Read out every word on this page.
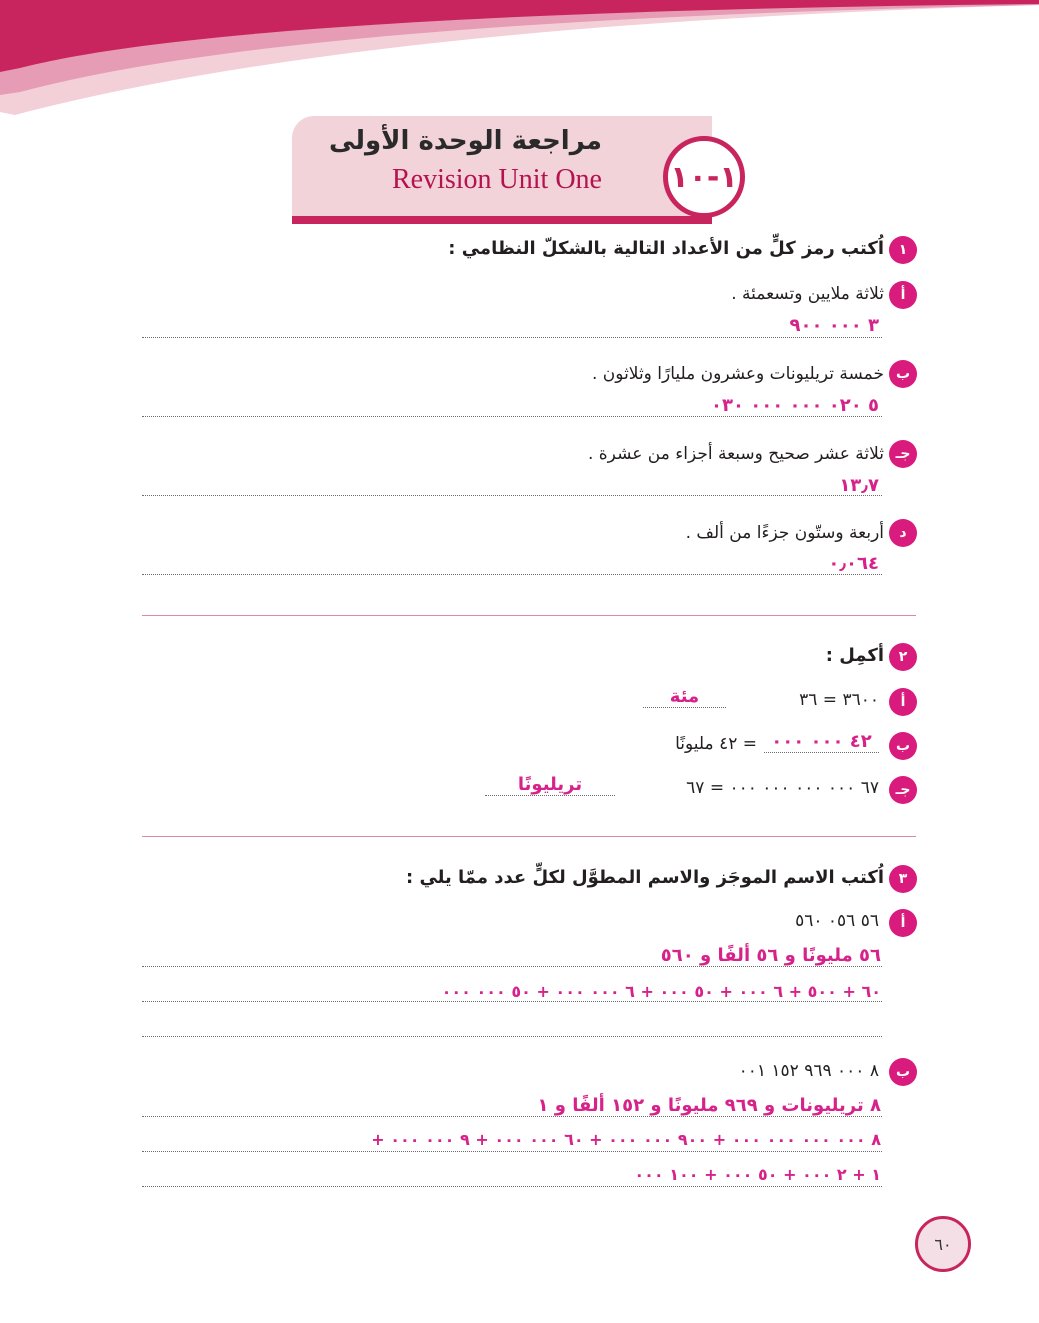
مراجعة الوحدة الأولى
Revision Unit One ١-١٠
١
اُكتب رمز كلٍّ من الأعداد التالية بالشكلّ النظامي :
أ
ثلاثة ملايين وتسعمئة .
٣ ٠٠٠ ٩٠٠
ب
خمسة تريليونات وعشرون مليارًا وثلاثون .
٥ ٠٢٠ ٠٠٠ ٠٠٠ ٠٣٠
جـ
ثلاثة عشر صحيح وسبعة أجزاء من عشرة .
١٣٫٧
د
أربعة وستّون جزءًا من ألف .
٠٫٠٦٤
٢
أكمِل :
أ
٣٦٠٠ = ٣٦
مئة
ب
٤٢ ٠٠٠ ٠٠٠
= ٤٢ مليونًا
جـ
٦٧ ٠٠٠ ٠٠٠ ٠٠٠ ٠٠٠ = ٦٧
تريليونًا
٣
اُكتب الاسم الموجَز والاسم المطوَّل لكلٍّ عدد ممّا يلي :
أ
٥٦ ٠٥٦ ٥٦٠
٥٦ مليونًا و ٥٦ ألفًا و ٥٦٠
٦٠ + ٥٠٠ + ٦ ٠٠٠ + ٥٠ ٠٠٠ + ٦ ٠٠٠ ٠٠٠ + ٥٠ ٠٠٠ ٠٠٠
ب
٨ ٠٠٠ ٩٦٩ ١٥٢ ٠٠١
٨ تريليونات و ٩٦٩ مليونًا و ١٥٢ ألفًا و ١
٨ ٠٠٠ ٠٠٠ ٠٠٠ ٠٠٠ + ٩٠٠ ٠٠٠ ٠٠٠ + ٦٠ ٠٠٠ ٠٠٠ + ٩ ٠٠٠ ٠٠٠ +
١ + ٢ ٠٠٠ + ٥٠ ٠٠٠ + ١٠٠ ٠٠٠
٦٠
